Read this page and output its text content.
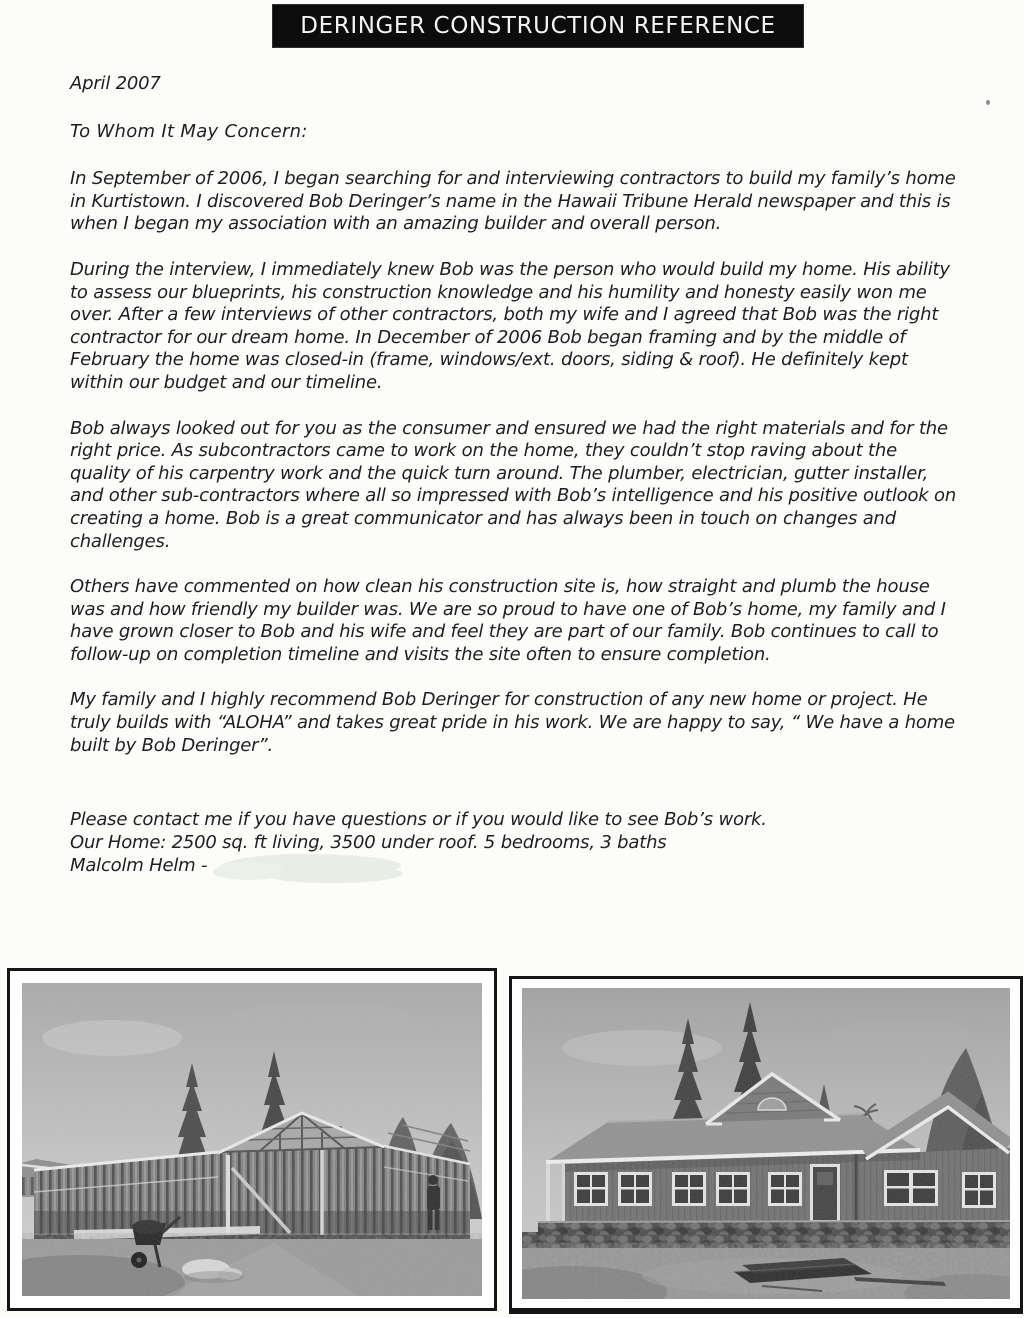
DERINGER CONSTRUCTION REFERENCE

April 2007

To Whom It May Concern:

In September of 2006, I began searching for and interviewing contractors to build my family’s home in Kurtistown. I discovered Bob Deringer’s name in the Hawaii Tribune Herald newspaper and this is when I began my association with an amazing builder and overall person.

During the interview, I immediately knew Bob was the person who would build my home. His ability to assess our blueprints, his construction knowledge and his humility and honesty easily won me over. After a few interviews of other contractors, both my wife and I agreed that Bob was the right contractor for our dream home. In December of 2006 Bob began framing and by the middle of February the home was closed-in (frame, windows/ext. doors, siding & roof). He definitely kept within our budget and our timeline.

Bob always looked out for you as the consumer and ensured we had the right materials and for the right price. As subcontractors came to work on the home, they couldn’t stop raving about the quality of his carpentry work and the quick turn around. The plumber, electrician, gutter installer, and other sub-contractors where all so impressed with Bob’s intelligence and his positive outlook on creating a home. Bob is a great communicator and has always been in touch on changes and challenges.

Others have commented on how clean his construction site is, how straight and plumb the house was and how friendly my builder was. We are so proud to have one of Bob’s home, my family and I have grown closer to Bob and his wife and feel they are part of our family. Bob continues to call to follow-up on completion timeline and visits the site often to ensure completion.

My family and I highly recommend Bob Deringer for construction of any new home or project. He truly builds with “ALOHA” and takes great pride in his work. We are happy to say, “ We have a home built by Bob Deringer”.

Please contact me if you have questions or if you would like to see Bob’s work.

Our Home: 2500 sq. ft living, 3500 under roof. 5 bedrooms, 3 baths

Malcolm Helm -
